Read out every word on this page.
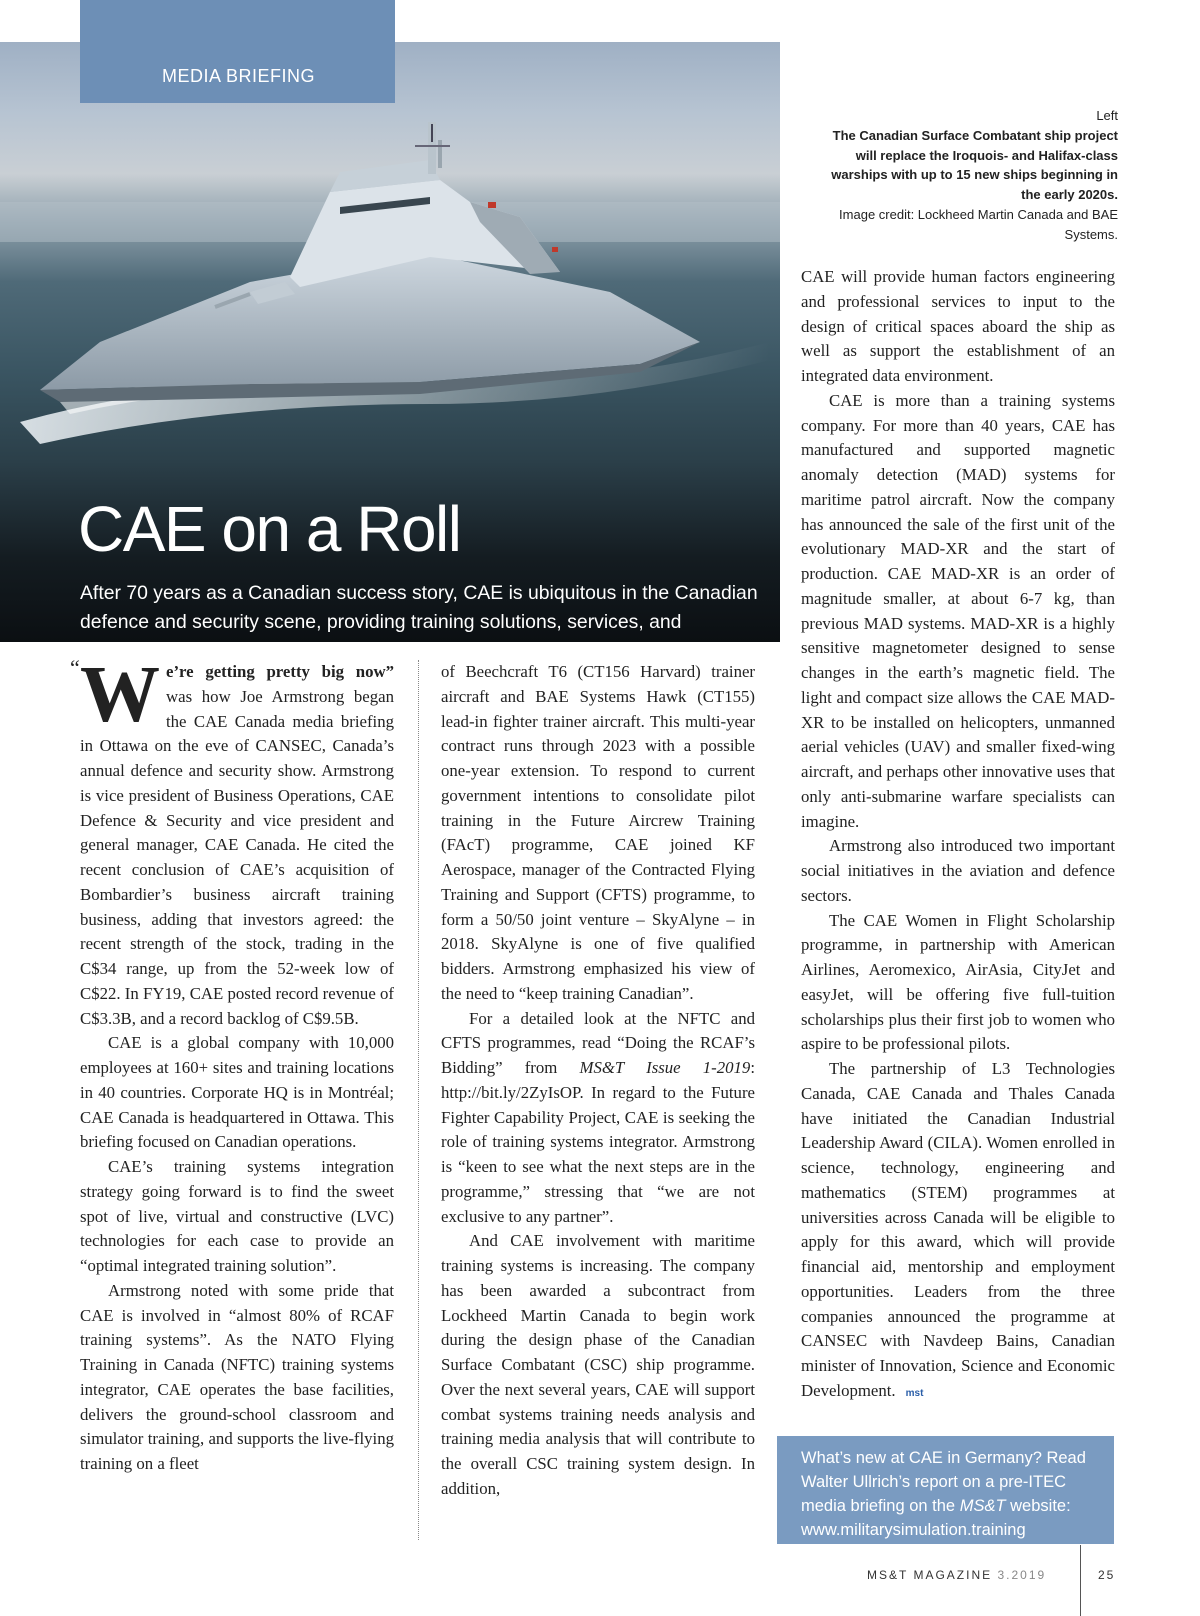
CAE on a Roll

After 70 years as a Canadian success story, CAE is ubiquitous in the Canadian defence and security scene, providing training solutions, services, and operational services. Jeff Loube took in their pre-CANSEC presser.

MEDIA BRIEFING
Left
The Canadian Surface Combatant ship project will replace the Iroquois- and Halifax-class warships with up to 15 new ships beginning in the early 2020s.
Image credit: Lockheed Martin Canada and BAE Systems.
“ We’re getting pretty big now” was how Joe Armstrong began the CAE Canada media briefing in Ottawa on the eve of CANSEC, Canada’s annual defence and security show. Armstrong is vice president of Business Operations, CAE Defence & Security and vice president and general manager, CAE Canada. He cited the recent conclusion of CAE’s acquisition of Bombardier’s business aircraft training business, adding that investors agreed: the recent strength of the stock, trading in the C$34 range, up from the 52-week low of C$22. In FY19, CAE posted record revenue of C$3.3B, and a record backlog of C$9.5B.

CAE is a global company with 10,000 employees at 160+ sites and training locations in 40 countries. Corporate HQ is in Montréal; CAE Canada is headquartered in Ottawa. This briefing focused on Canadian operations.

CAE’s training systems integration strategy going forward is to find the sweet spot of live, virtual and constructive (LVC) technologies for each case to provide an “optimal integrated training solution”.

Armstrong noted with some pride that CAE is involved in “almost 80% of RCAF training systems”. As the NATO Flying Training in Canada (NFTC) training systems integrator, CAE operates the base facilities, delivers the ground-school classroom and simulator training, and supports the live-flying training on a fleet

of Beechcraft T6 (CT156 Harvard) trainer aircraft and BAE Systems Hawk (CT155) lead-in fighter trainer aircraft. This multi-year contract runs through 2023 with a possible one-year extension. To respond to current government intentions to consolidate pilot training in the Future Aircrew Training (FAcT) programme, CAE joined KF Aerospace, manager of the Contracted Flying Training and Support (CFTS) programme, to form a 50/50 joint venture – SkyAlyne – in 2018. SkyAlyne is one of five qualified bidders. Armstrong emphasized his view of the need to “keep training Canadian”.

For a detailed look at the NFTC and CFTS programmes, read “Doing the RCAF’s Bidding” from MS&T Issue 1-2019: http://bit.ly/2ZyIsOP. In regard to the Future Fighter Capability Project, CAE is seeking the role of training systems integrator. Armstrong is “keen to see what the next steps are in the programme,” stressing that “we are not exclusive to any partner”.

And CAE involvement with maritime training systems is increasing. The company has been awarded a subcontract from Lockheed Martin Canada to begin work during the design phase of the Canadian Surface Combatant (CSC) ship programme. Over the next several years, CAE will support combat systems training needs analysis and training media analysis that will contribute to the overall CSC training system design. In addition,

CAE will provide human factors engineering and professional services to input to the design of critical spaces aboard the ship as well as support the establishment of an integrated data environment.

CAE is more than a training systems company. For more than 40 years, CAE has manufactured and supported magnetic anomaly detection (MAD) systems for maritime patrol aircraft. Now the company has announced the sale of the first unit of the evolutionary MAD-XR and the start of production. CAE MAD-XR is an order of magnitude smaller, at about 6-7 kg, than previous MAD systems. MAD-XR is a highly sensitive magnetometer designed to sense changes in the earth’s magnetic field. The light and compact size allows the CAE MAD-XR to be installed on helicopters, unmanned aerial vehicles (UAV) and smaller fixed-wing aircraft, and perhaps other innovative uses that only anti-submarine warfare specialists can imagine.

Armstrong also introduced two important social initiatives in the aviation and defence sectors.

The CAE Women in Flight Scholarship programme, in partnership with American Airlines, Aeromexico, AirAsia, CityJet and easyJet, will be offering five full-tuition scholarships plus their first job to women who aspire to be professional pilots.

The partnership of L3 Technologies Canada, CAE Canada and Thales Canada have initiated the Canadian Industrial Leadership Award (CILA). Women enrolled in science, technology, engineering and mathematics (STEM) programmes at universities across Canada will be eligible to apply for this award, which will provide financial aid, mentorship and employment opportunities. Leaders from the three companies announced the programme at CANSEC with Navdeep Bains, Canadian minister of Innovation, Science and Economic Development. mst

What’s new at CAE in Germany? Read Walter Ullrich’s report on a pre-ITEC media briefing on the MS&T website: www.militarysimulation.training

MS&T MAGAZINE 3.2019	25
